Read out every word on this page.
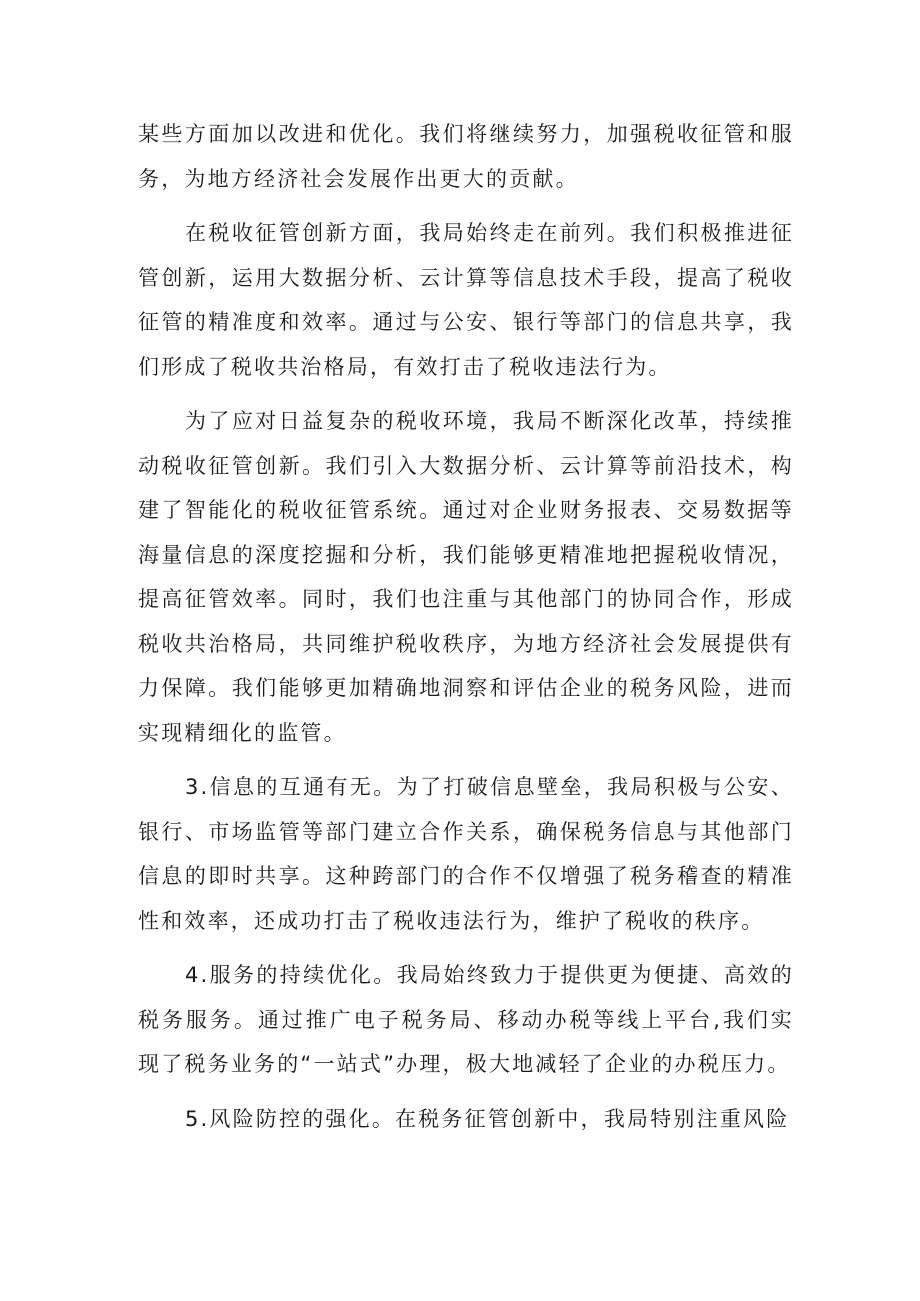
某些方面加以改进和优化。我们将继续努力，加强税收征管和服务，为地方经济社会发展作出更大的贡献。

在税收征管创新方面，我局始终走在前列。我们积极推进征管创新，运用大数据分析、云计算等信息技术手段，提高了税收征管的精准度和效率。通过与公安、银行等部门的信息共享，我们形成了税收共治格局，有效打击了税收违法行为。

为了应对日益复杂的税收环境，我局不断深化改革，持续推动税收征管创新。我们引入大数据分析、云计算等前沿技术，构建了智能化的税收征管系统。通过对企业财务报表、交易数据等海量信息的深度挖掘和分析，我们能够更精准地把握税收情况，提高征管效率。同时，我们也注重与其他部门的协同合作，形成税收共治格局，共同维护税收秩序，为地方经济社会发展提供有力保障。我们能够更加精确地洞察和评估企业的税务风险，进而实现精细化的监管。

3.信息的互通有无。为了打破信息壁垒，我局积极与公安、银行、市场监管等部门建立合作关系，确保税务信息与其他部门信息的即时共享。这种跨部门的合作不仅增强了税务稽查的精准性和效率，还成功打击了税收违法行为，维护了税收的秩序。

4.服务的持续优化。我局始终致力于提供更为便捷、高效的税务服务。通过推广电子税务局、移动办税等线上平台,我们实现了税务业务的“一站式”办理，极大地减轻了企业的办税压力。

5.风险防控的强化。在税务征管创新中，我局特别注重风险
